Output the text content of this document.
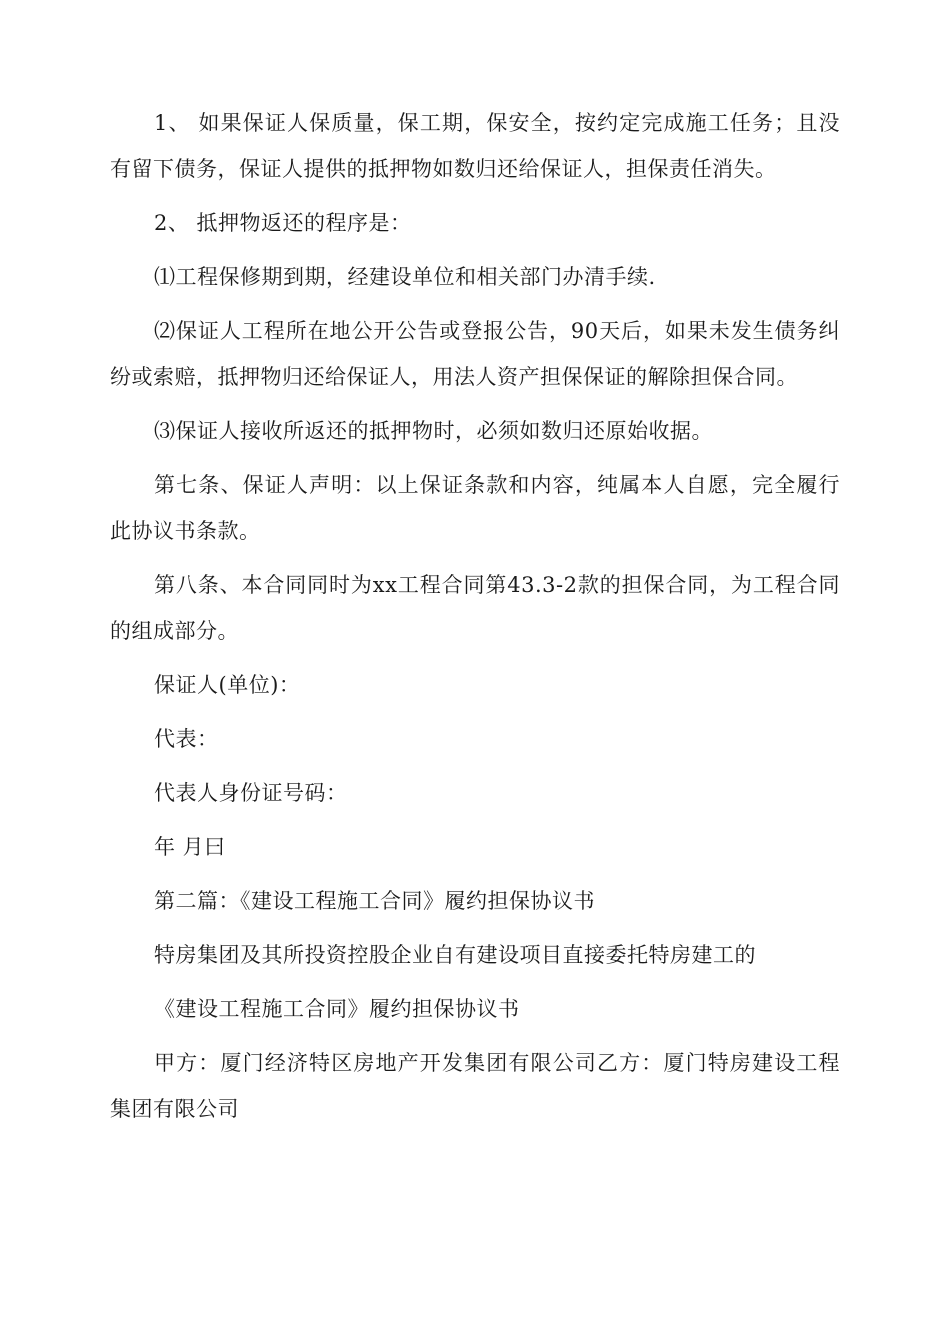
1、 如果保证人保质量，保工期，保安全，按约定完成施工任务；且没有留下债务，保证人提供的抵押物如数归还给保证人，担保责任消失。

2、 抵押物返还的程序是：

⑴工程保修期到期，经建设单位和相关部门办清手续.

⑵保证人工程所在地公开公告或登报公告，90天后，如果未发生债务纠纷或索赔，抵押物归还给保证人，用法人资产担保保证的解除担保合同。

⑶保证人接收所返还的抵押物时，必须如数归还原始收据。

第七条、保证人声明：以上保证条款和内容，纯属本人自愿，完全履行此协议书条款。

第八条、本合同同时为xx工程合同第43.3-2款的担保合同，为工程合同的组成部分。

保证人(单位)：

代表：

代表人身份证号码：

年 月曰

第二篇：《建设工程施工合同》履约担保协议书

特房集团及其所投资控股企业自有建设项目直接委托特房建工的

《建设工程施工合同》履约担保协议书

甲方：厦门经济特区房地产开发集团有限公司乙方：厦门特房建设工程集团有限公司
